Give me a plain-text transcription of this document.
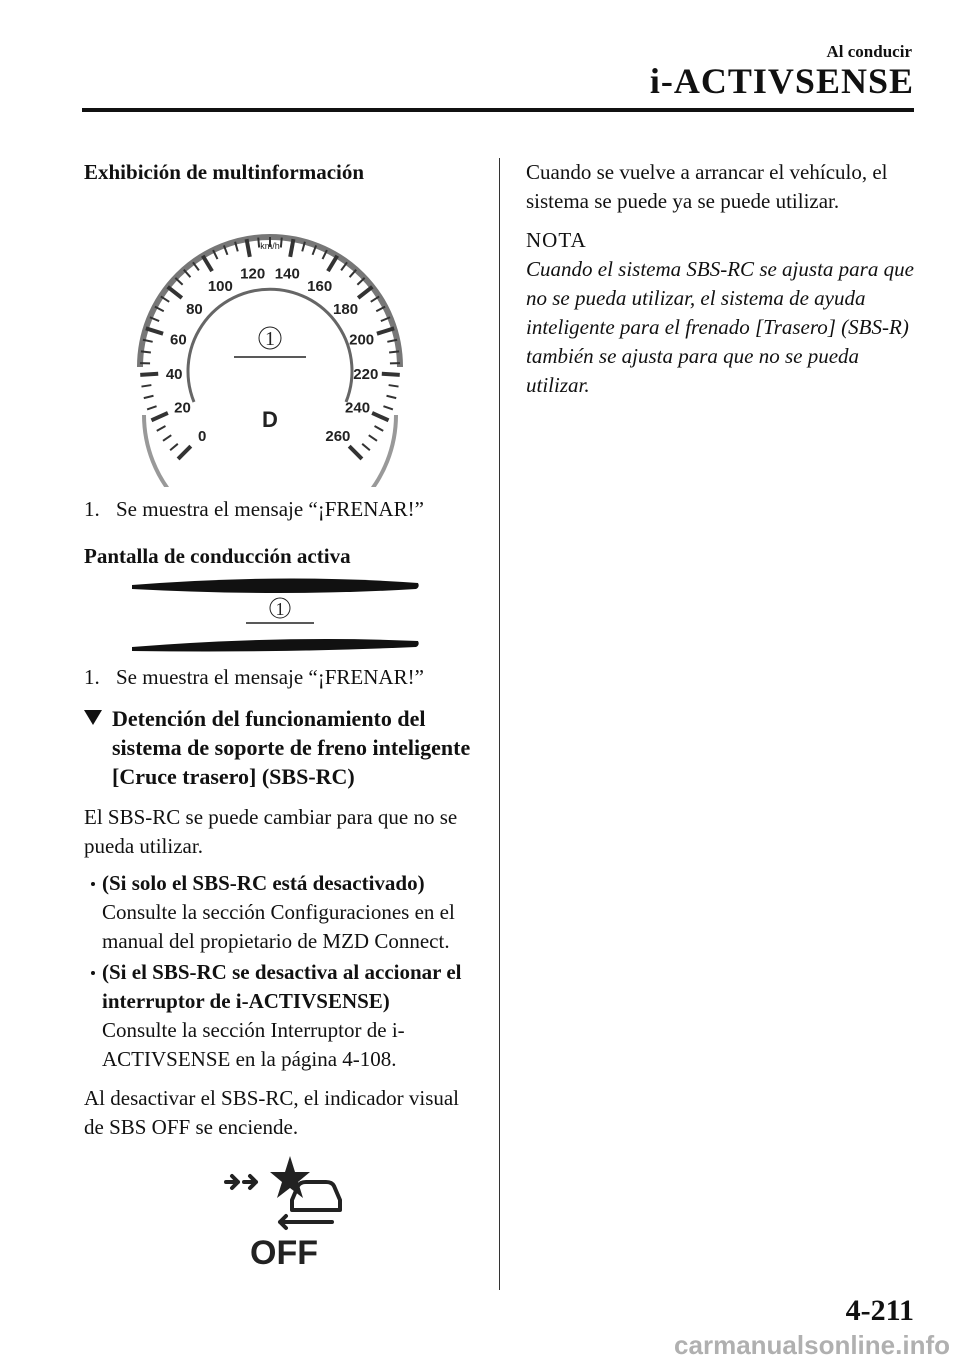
Al conducir
i-ACTIVSENSE

Exhibición de multinformación

0
20
40
60
80
100
120 140
160
180
200
220
240
260
km/h
1
D

1. Se muestra el mensaje “¡FRENAR!”

Pantalla de conducción activa

1

1. Se muestra el mensaje “¡FRENAR!”

Detención del funcionamiento del sistema de soporte de freno inteligente [Cruce trasero] (SBS-RC)

El SBS-RC se puede cambiar para que no se pueda utilizar.

(Si solo el SBS-RC está desactivado)
Consulte la sección Configuraciones en el manual del propietario de MZD Connect.
(Si el SBS-RC se desactiva al accionar el interruptor de i-ACTIVSENSE)
Consulte la sección Interruptor de i-ACTIVSENSE en la página 4-108.

Al desactivar el SBS-RC, el indicador visual de SBS OFF se enciende.

OFF

Cuando se vuelve a arrancar el vehículo, el sistema se puede ya se puede utilizar.

NOTA

Cuando el sistema SBS-RC se ajusta para que no se pueda utilizar, el sistema de ayuda inteligente para el frenado [Trasero] (SBS-R) también se ajusta para que no se pueda utilizar.

4-211
carmanualsonline.info
